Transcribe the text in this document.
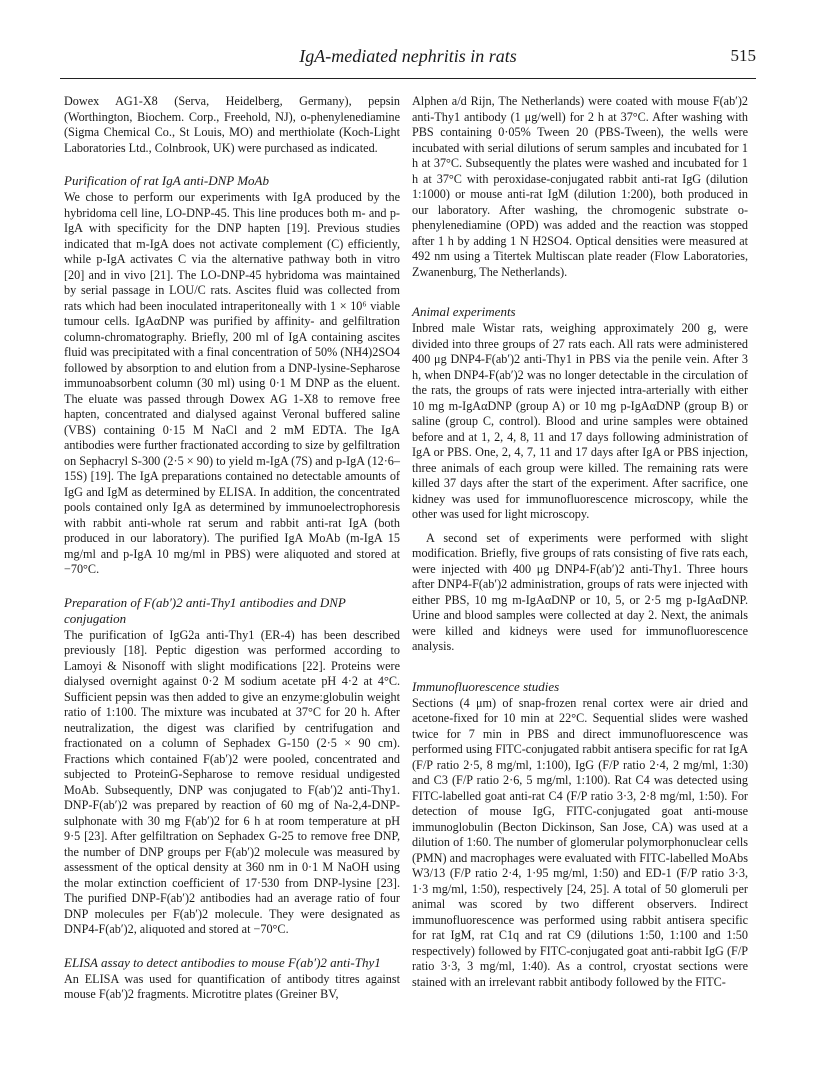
IgA-mediated nephritis in rats	515

Dowex AG1-X8 (Serva, Heidelberg, Germany), pepsin (Worthington, Biochem. Corp., Freehold, NJ), o-phenylenediamine (Sigma Chemical Co., St Louis, MO) and merthiolate (Koch-Light Laboratories Ltd., Colnbrook, UK) were purchased as indicated.

Purification of rat IgA anti-DNP MoAb

We chose to perform our experiments with IgA produced by the hybridoma cell line, LO-DNP-45. This line produces both m- and p-IgA with specificity for the DNP hapten [19]. Previous studies indicated that m-IgA does not activate complement (C) efficiently, while p-IgA activates C via the alternative pathway both in vitro [20] and in vivo [21]. The LO-DNP-45 hybridoma was maintained by serial passage in LOU/C rats. Ascites fluid was collected from rats which had been inoculated intraperitoneally with 1 × 10⁶ viable tumour cells. IgAαDNP was purified by affinity- and gelfiltration column-chromatography. Briefly, 200 ml of IgA containing ascites fluid was precipitated with a final concentration of 50% (NH4)2SO4 followed by absorption to and elution from a DNP-lysine-Sepharose immunoabsorbent column (30 ml) using 0·1 M DNP as the eluent. The eluate was passed through Dowex AG 1-X8 to remove free hapten, concentrated and dialysed against Veronal buffered saline (VBS) containing 0·15 M NaCl and 2 mM EDTA. The IgA antibodies were further fractionated according to size by gelfiltration on Sephacryl S-300 (2·5 × 90) to yield m-IgA (7S) and p-IgA (12·6–15S) [19]. The IgA preparations contained no detectable amounts of IgG and IgM as determined by ELISA. In addition, the concentrated pools contained only IgA as determined by immunoelectrophoresis with rabbit anti-whole rat serum and rabbit anti-rat IgA (both produced in our laboratory). The purified IgA MoAb (m-IgA 15 mg/ml and p-IgA 10 mg/ml in PBS) were aliquoted and stored at −70°C.

Preparation of F(ab′)2 anti-Thy1 antibodies and DNP conjugation

The purification of IgG2a anti-Thy1 (ER-4) has been described previously [18]. Peptic digestion was performed according to Lamoyi & Nisonoff with slight modifications [22]. Proteins were dialysed overnight against 0·2 M sodium acetate pH 4·2 at 4°C. Sufficient pepsin was then added to give an enzyme:globulin weight ratio of 1:100. The mixture was incubated at 37°C for 20 h. After neutralization, the digest was clarified by centrifugation and fractionated on a column of Sephadex G-150 (2·5 × 90 cm). Fractions which contained F(ab′)2 were pooled, concentrated and subjected to ProteinG-Sepharose to remove residual undigested MoAb. Subsequently, DNP was conjugated to F(ab′)2 anti-Thy1. DNP-F(ab′)2 was prepared by reaction of 60 mg of Na-2,4-DNP-sulphonate with 30 mg F(ab′)2 for 6 h at room temperature at pH 9·5 [23]. After gelfiltration on Sephadex G-25 to remove free DNP, the number of DNP groups per F(ab′)2 molecule was measured by assessment of the optical density at 360 nm in 0·1 M NaOH using the molar extinction coefficient of 17·530 from DNP-lysine [23]. The purified DNP-F(ab′)2 antibodies had an average ratio of four DNP molecules per F(ab′)2 molecule. They were designated as DNP4-F(ab′)2, aliquoted and stored at −70°C.

ELISA assay to detect antibodies to mouse F(ab′)2 anti-Thy1

An ELISA was used for quantification of antibody titres against mouse F(ab′)2 fragments. Microtitre plates (Greiner BV,

Alphen a/d Rijn, The Netherlands) were coated with mouse F(ab′)2 anti-Thy1 antibody (1 μg/well) for 2 h at 37°C. After washing with PBS containing 0·05% Tween 20 (PBS-Tween), the wells were incubated with serial dilutions of serum samples and incubated for 1 h at 37°C. Subsequently the plates were washed and incubated for 1 h at 37°C with peroxidase-conjugated rabbit anti-rat IgG (dilution 1:1000) or mouse anti-rat IgM (dilution 1:200), both produced in our laboratory. After washing, the chromogenic substrate o-phenylenediamine (OPD) was added and the reaction was stopped after 1 h by adding 1 N H2SO4. Optical densities were measured at 492 nm using a Titertek Multiscan plate reader (Flow Laboratories, Zwanenburg, The Netherlands).

Animal experiments

Inbred male Wistar rats, weighing approximately 200 g, were divided into three groups of 27 rats each. All rats were administered 400 μg DNP4-F(ab′)2 anti-Thy1 in PBS via the penile vein. After 3 h, when DNP4-F(ab′)2 was no longer detectable in the circulation of the rats, the groups of rats were injected intra-arterially with either 10 mg m-IgAαDNP (group A) or 10 mg p-IgAαDNP (group B) or saline (group C, control). Blood and urine samples were obtained before and at 1, 2, 4, 8, 11 and 17 days following administration of IgA or PBS. One, 2, 4, 7, 11 and 17 days after IgA or PBS injection, three animals of each group were killed. The remaining rats were killed 37 days after the start of the experiment. After sacrifice, one kidney was used for immunofluorescence microscopy, while the other was used for light microscopy.

A second set of experiments were performed with slight modification. Briefly, five groups of rats consisting of five rats each, were injected with 400 μg DNP4-F(ab′)2 anti-Thy1. Three hours after DNP4-F(ab′)2 administration, groups of rats were injected with either PBS, 10 mg m-IgAαDNP or 10, 5, or 2·5 mg p-IgAαDNP. Urine and blood samples were collected at day 2. Next, the animals were killed and kidneys were used for immunofluorescence analysis.

Immunofluorescence studies

Sections (4 μm) of snap-frozen renal cortex were air dried and acetone-fixed for 10 min at 22°C. Sequential slides were washed twice for 7 min in PBS and direct immunofluorescence was performed using FITC-conjugated rabbit antisera specific for rat IgA (F/P ratio 2·5, 8 mg/ml, 1:100), IgG (F/P ratio 2·4, 2 mg/ml, 1:30) and C3 (F/P ratio 2·6, 5 mg/ml, 1:100). Rat C4 was detected using FITC-labelled goat anti-rat C4 (F/P ratio 3·3, 2·8 mg/ml, 1:50). For detection of mouse IgG, FITC-conjugated goat anti-mouse immunoglobulin (Becton Dickinson, San Jose, CA) was used at a dilution of 1:60. The number of glomerular polymorphonuclear cells (PMN) and macrophages were evaluated with FITC-labelled MoAbs W3/13 (F/P ratio 2·4, 1·95 mg/ml, 1:50) and ED-1 (F/P ratio 3·3, 1·3 mg/ml, 1:50), respectively [24, 25]. A total of 50 glomeruli per animal was scored by two different observers. Indirect immunofluorescence was performed using rabbit antisera specific for rat IgM, rat C1q and rat C9 (dilutions 1:50, 1:100 and 1:50 respectively) followed by FITC-conjugated goat anti-rabbit IgG (F/P ratio 3·3, 3 mg/ml, 1:40). As a control, cryostat sections were stained with an irrelevant rabbit antibody followed by the FITC-
